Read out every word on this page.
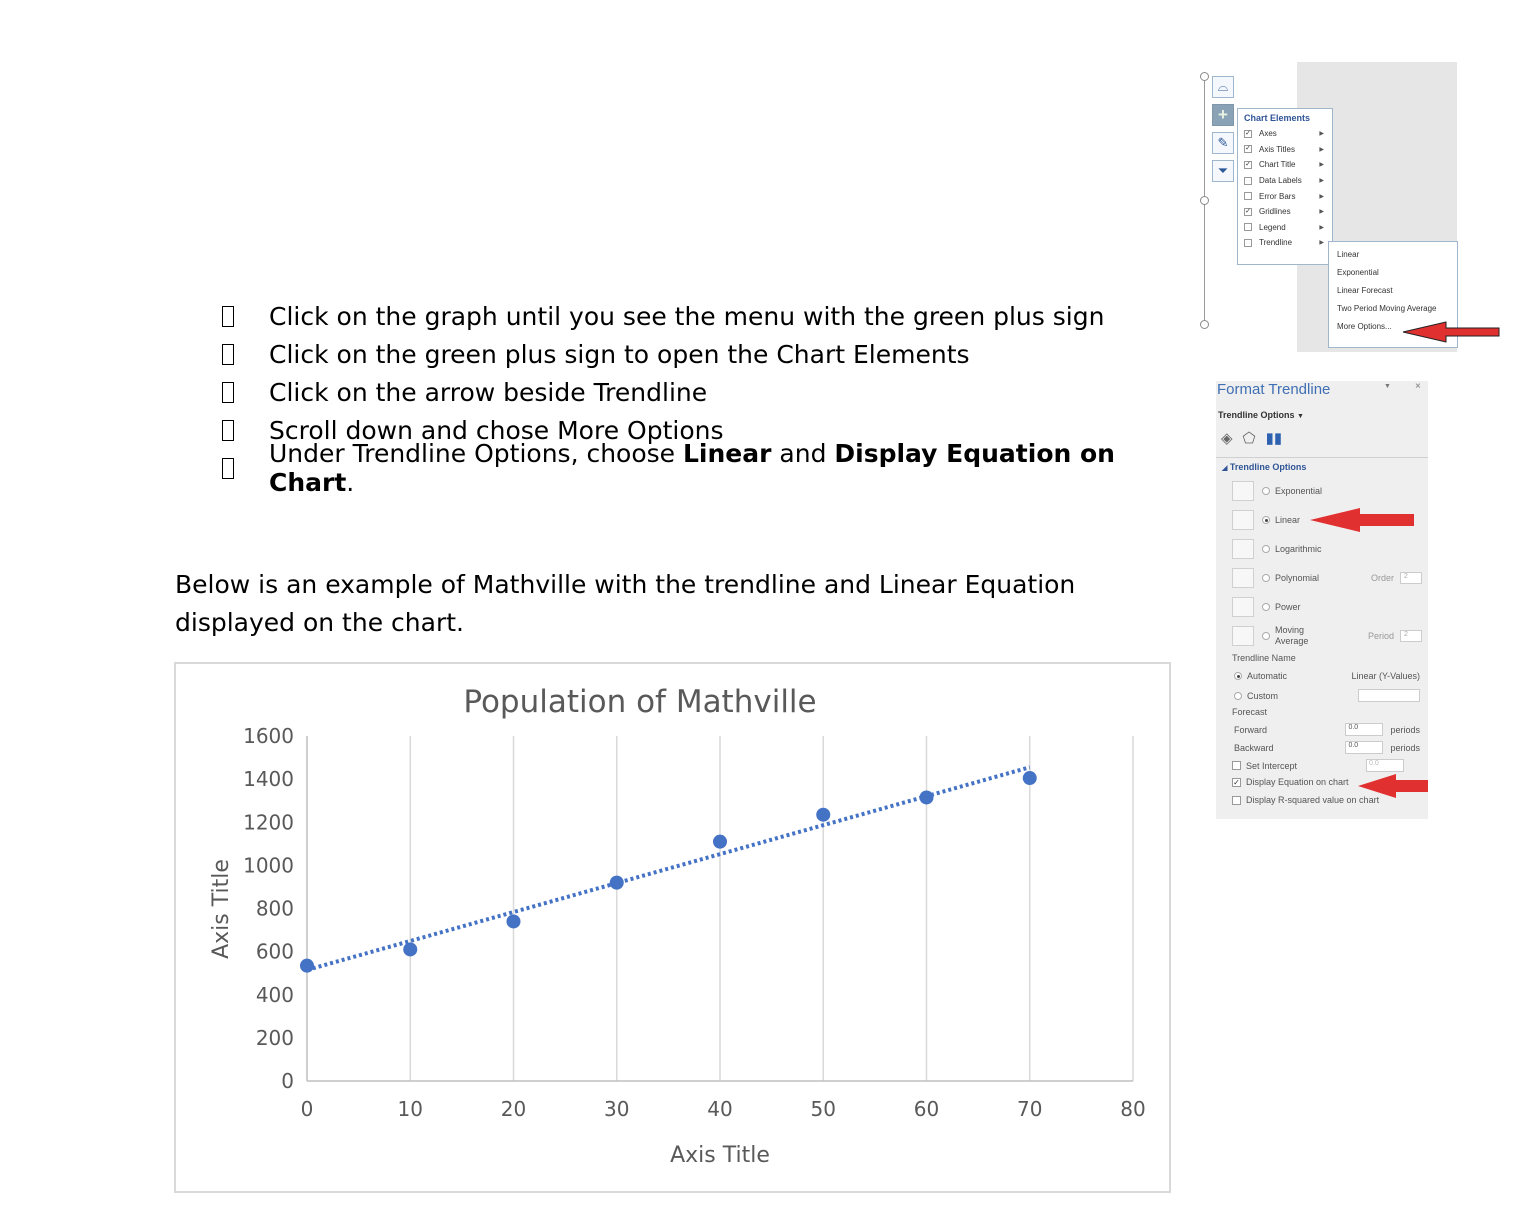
Click on the graph until you see the menu with the green plus sign
Click on the green plus sign to open the Chart Elements
Click on the arrow beside Trendline
Scroll down and chose More Options
Under Trendline Options, choose Linear and Display Equation on Chart.

Below is an example of Mathville with the trendline and Linear Equation displayed on the chart.

0
200
400
600
800
1000
1200
1400
1600
0	10	20	30	40	50	60	70	80
Population of Mathville
Axis Title
Axis Title
⌓
+
✎
⏷
Chart Elements
✓ Axes	▶
✓ Axis Titles	▶
✓ Chart Title	▶
Data Labels	▶
Error Bars	▶
✓ Gridlines	▶
Legend	▶
Trendline	▶
Linear
Exponential
Linear Forecast
Two Period Moving Average
More Options...
Format Trendline	▼ ×
Trendline Options ▼
◈ ⬠ ▮▮
◢ Trendline Options
Exponential
Linear
Logarithmic
Polynomial	Order	2
Power
Moving Average	Period	2
Trendline Name
Automatic	Linear (Y-Values)
Custom
Forecast
Forward	0.0	periods
Backward	0.0	periods
Set Intercept	0.0
✓ Display Equation on chart
Display R-squared value on chart
